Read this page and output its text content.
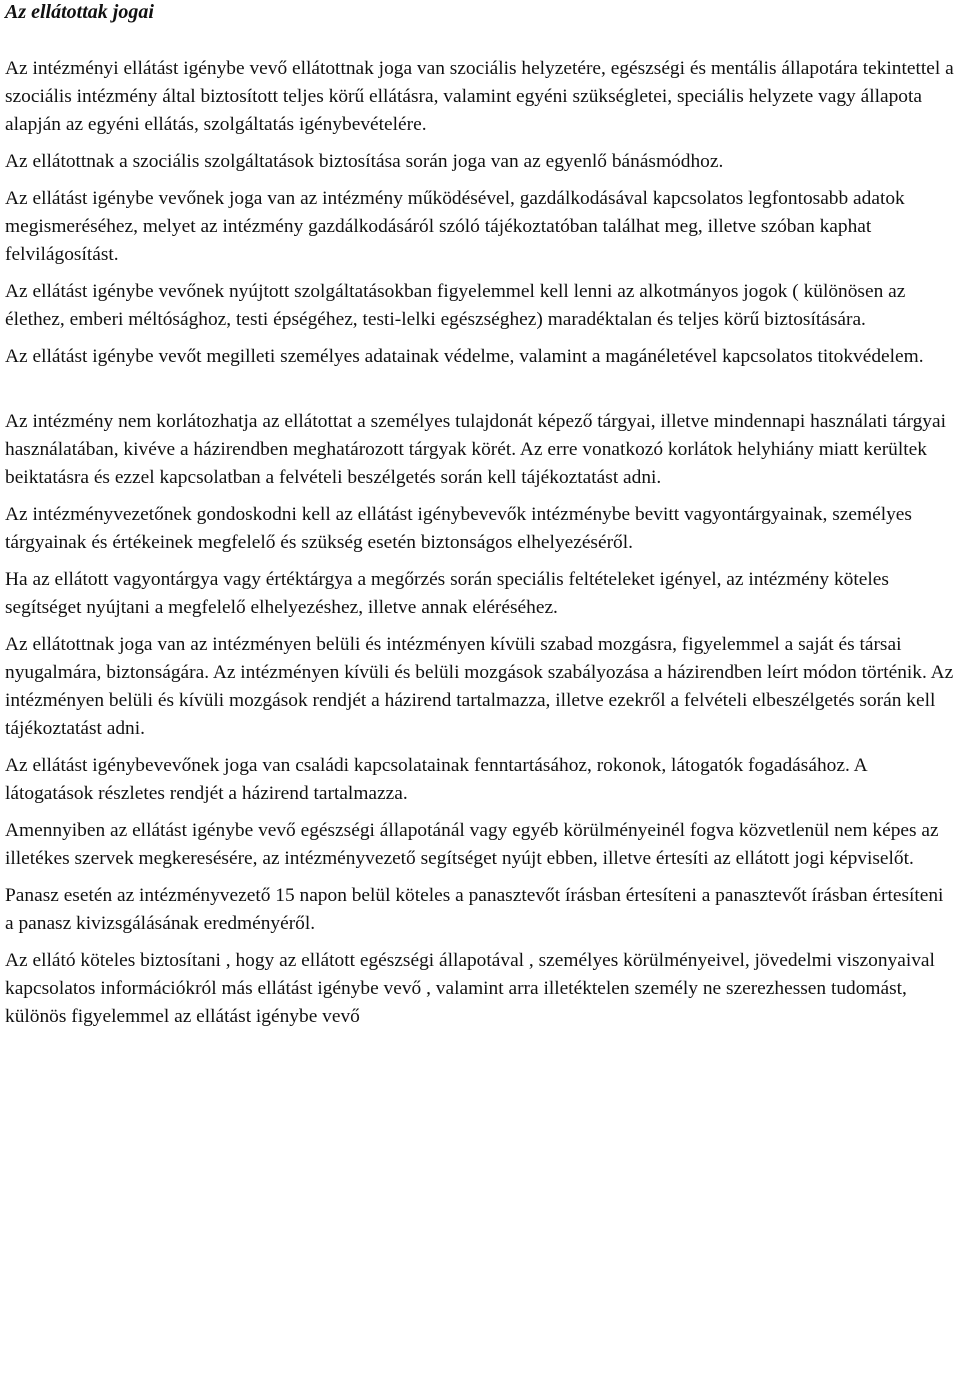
Az ellátottak jogai

Az intézményi ellátást igénybe vevő ellátottnak joga van szociális helyzetére, egészségi és mentális állapotára tekintettel a szociális intézmény által biztosított teljes körű ellátásra, valamint egyéni szükségletei, speciális helyzete vagy állapota alapján az egyéni ellátás, szolgáltatás igénybevételére.

Az ellátottnak a szociális szolgáltatások biztosítása során joga van az egyenlő bánásmódhoz.

Az ellátást igénybe vevőnek joga van az intézmény működésével, gazdálkodásával kapcsolatos legfontosabb adatok megismeréséhez, melyet az intézmény gazdálkodásáról szóló tájékoztatóban találhat meg, illetve szóban kaphat felvilágosítást.

Az ellátást igénybe vevőnek nyújtott szolgáltatásokban figyelemmel kell lenni az alkotmányos jogok ( különösen az élethez, emberi méltósághoz, testi épségéhez, testi-lelki egészséghez) maradéktalan és teljes körű biztosítására.

Az ellátást igénybe vevőt megilleti személyes adatainak védelme, valamint a magánéletével kapcsolatos titokvédelem.

Az intézmény nem korlátozhatja az ellátottat a személyes tulajdonát képező tárgyai, illetve mindennapi használati tárgyai használatában, kivéve a házirendben meghatározott tárgyak körét. Az erre vonatkozó korlátok helyhiány miatt kerültek beiktatásra és ezzel kapcsolatban a felvételi beszélgetés során kell tájékoztatást adni.

Az intézményvezetőnek gondoskodni kell az ellátást igénybevevők intézménybe bevitt vagyontárgyainak, személyes tárgyainak és értékeinek megfelelő és szükség esetén biztonságos elhelyezéséről.

Ha az ellátott vagyontárgya vagy értéktárgya a megőrzés során speciális feltételeket igényel, az intézmény köteles segítséget nyújtani a megfelelő elhelyezéshez, illetve annak eléréséhez.

Az ellátottnak joga van az intézményen belüli és intézményen kívüli szabad mozgásra, figyelemmel a saját és társai nyugalmára, biztonságára. Az intézményen kívüli és belüli mozgások szabályozása a házirendben leírt módon történik. Az intézményen belüli és kívüli mozgások rendjét a házirend tartalmazza, illetve ezekről a felvételi elbeszélgetés során kell tájékoztatást adni.

Az ellátást igénybevevőnek joga van családi kapcsolatainak fenntartásához, rokonok, látogatók fogadásához. A látogatások részletes rendjét a házirend tartalmazza.

Amennyiben az ellátást igénybe vevő egészségi állapotánál vagy egyéb körülményeinél fogva közvetlenül nem képes az illetékes szervek megkeresésére, az intézményvezető segítséget nyújt ebben, illetve értesíti az ellátott jogi képviselőt.

Panasz esetén az intézményvezető 15 napon belül köteles a panasztevőt írásban értesíteni a panasztevőt írásban értesíteni a panasz kivizsgálásának eredményéről.

Az ellátó köteles biztosítani , hogy az ellátott egészségi állapotával , személyes körülményeivel, jövedelmi viszonyaival kapcsolatos információkról más ellátást igénybe vevő , valamint arra illetéktelen személy ne szerezhessen tudomást, különös figyelemmel az ellátást igénybe vevő
